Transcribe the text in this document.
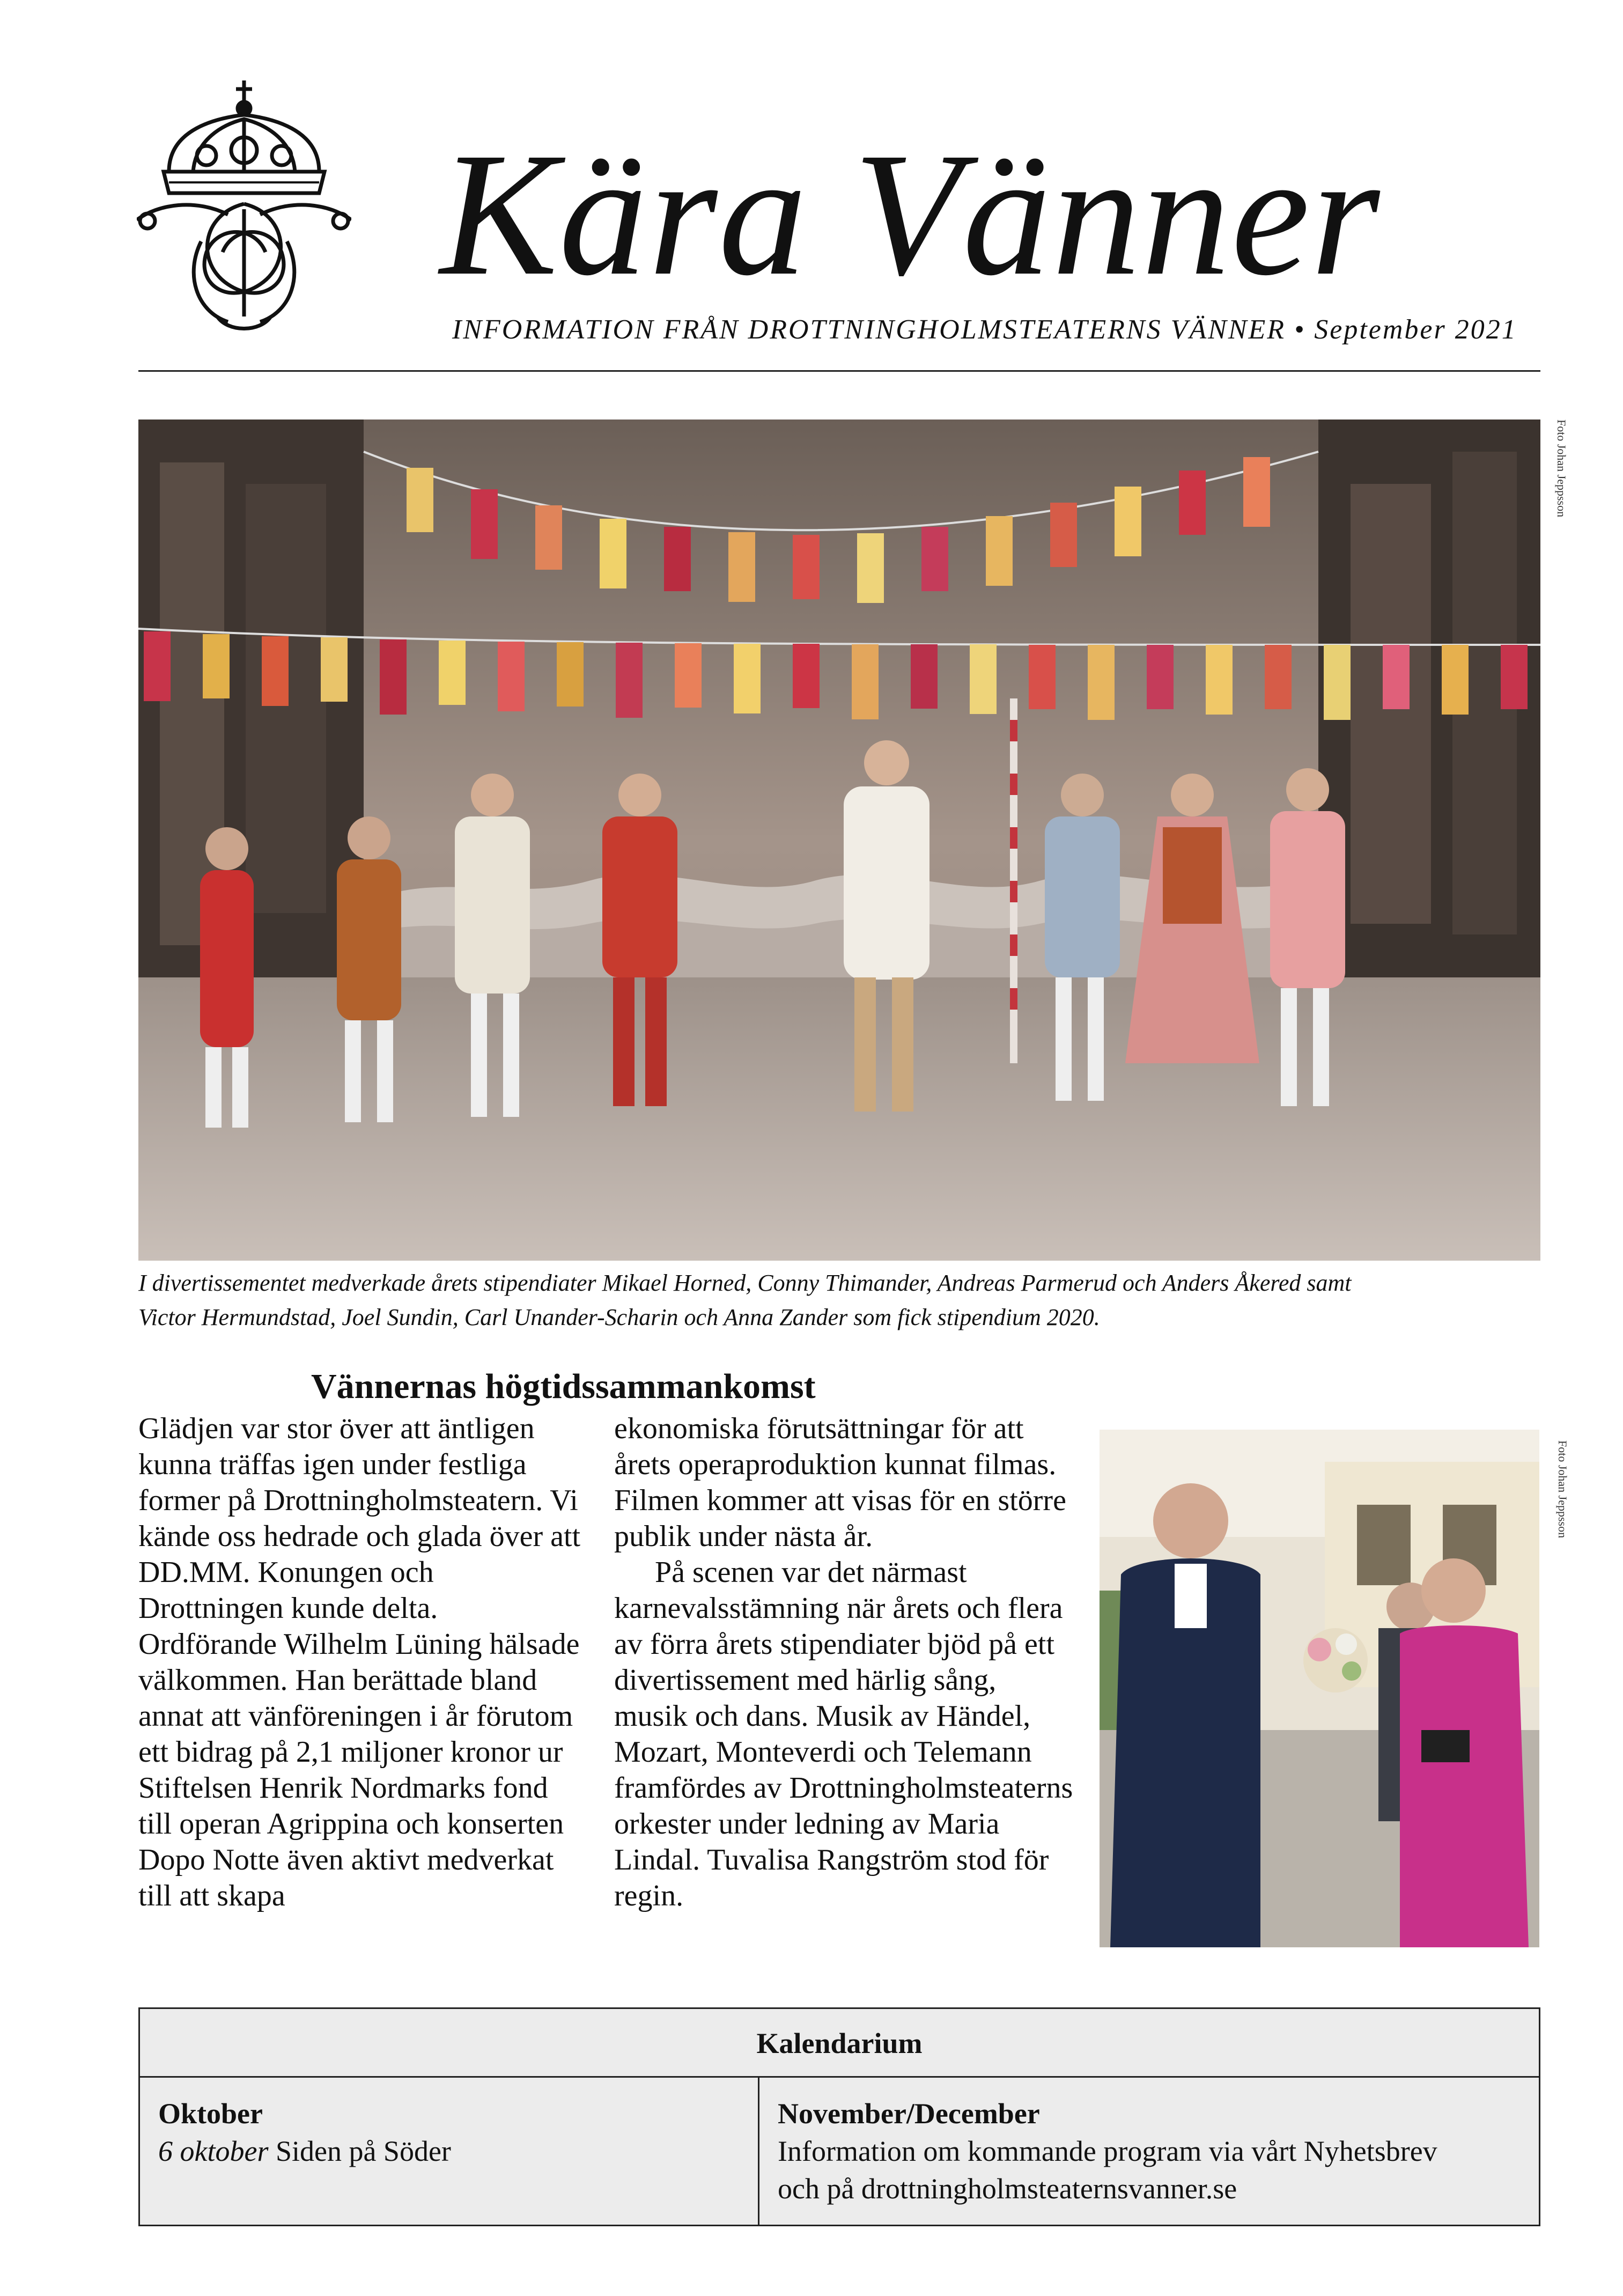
Kära Vänner
INFORMATION FRÅN DROTTNINGHOLMSTEATERNS VÄNNER • September 2021
Foto Johan Jeppsson
I divertissementet medverkade årets stipendiater Mikael Horned, Conny Thimander, Andreas Parmerud och Anders Åkered samt
Victor Hermundstad, Joel Sundin, Carl Unander-Scharin och Anna Zander som fick stipendium 2020.
Vännernas högtidssammankomst
Glädjen var stor över att äntligen kunna träffas igen under festliga former på Drottningholmsteatern. Vi kände oss hedrade och glada över att DD.MM. Konungen och Drottningen kunde delta. Ordförande Wilhelm Lüning hälsade välkommen. Han berättade bland annat att vänföreningen i år förutom ett bidrag på 2,1 miljoner kronor ur Stiftelsen Henrik Nordmarks fond till operan Agrippina och konserten Dopo Notte även aktivt medverkat till att skapa
ekonomiska förutsättningar för att årets operaproduktion kunnat filmas. Filmen kommer att visas för en större publik under nästa år.
På scenen var det närmast karnevalsstämning när årets och flera av förra årets stipendiater bjöd på ett divertissement med härlig sång, musik och dans. Musik av Händel, Mozart, Monteverdi och Telemann framfördes av Drottningholmsteaterns orkester under ledning av Maria Lindal. Tuvalisa Rangström stod för regin.
Foto Johan Jeppsson
Kalendarium
Oktober
6 oktober Siden på Söder
November/December
Information om kommande program via vårt Nyhetsbrev
och på drottningholmsteaternsvanner.se
